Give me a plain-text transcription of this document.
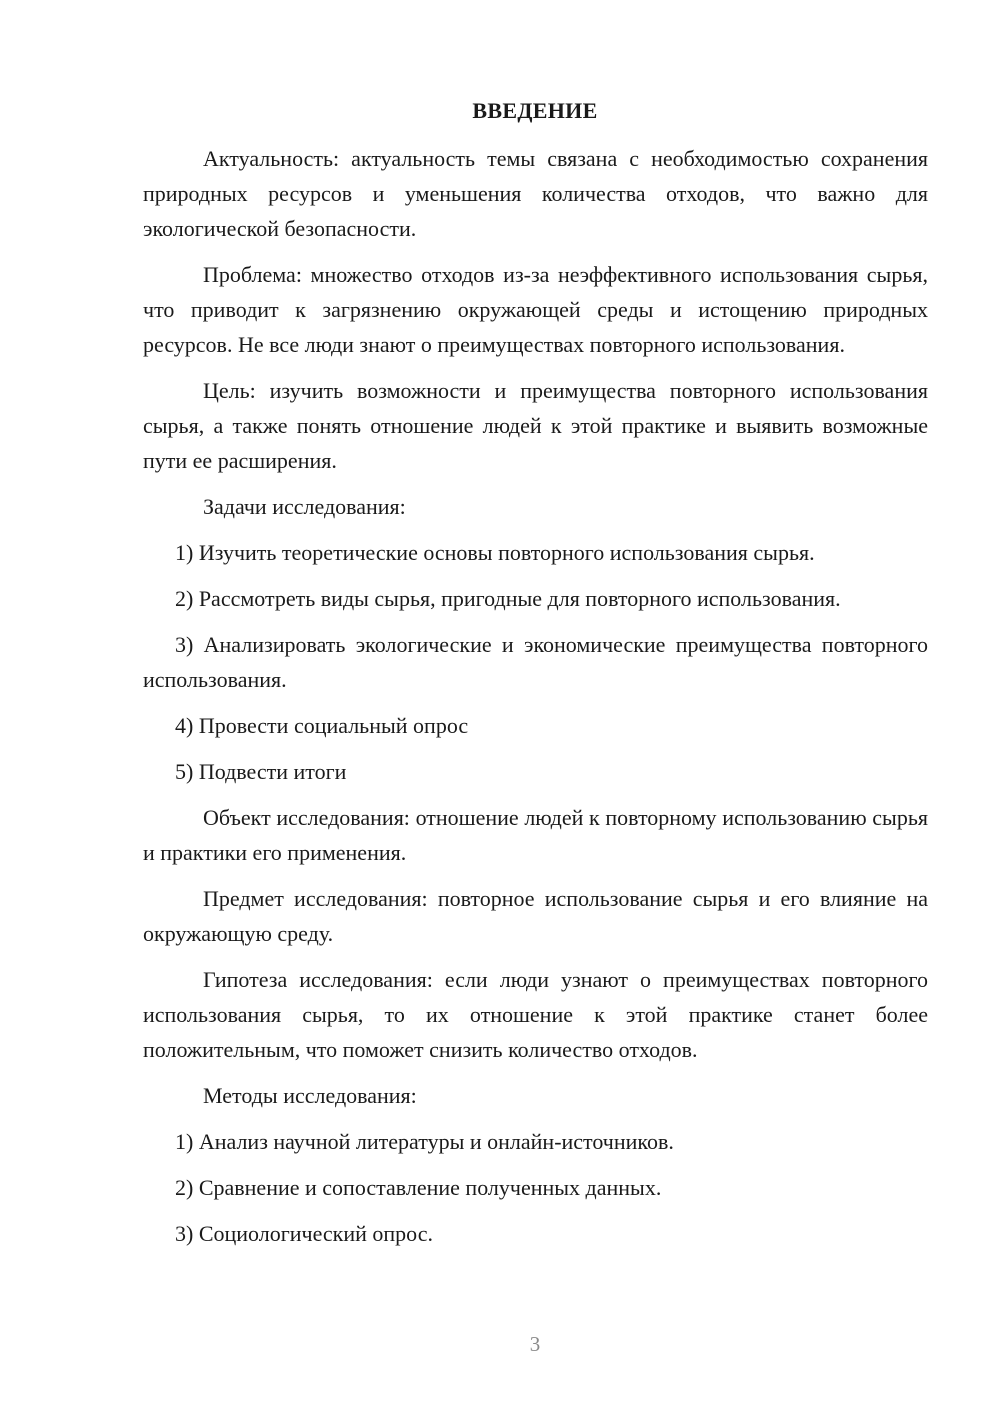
ВВЕДЕНИЕ

Актуальность: актуальность темы связана с необходимостью сохранения природных ресурсов и уменьшения количества отходов, что важно для экологической безопасности.

Проблема: множество отходов из-за неэффективного использования сырья, что приводит к загрязнению окружающей среды и истощению природных ресурсов. Не все люди знают о преимуществах повторного использования.

Цель: изучить возможности и преимущества повторного использования сырья, а также понять отношение людей к этой практике и выявить возможные пути ее расширения.

Задачи исследования:

1) Изучить теоретические основы повторного использования сырья.

2) Рассмотреть виды сырья, пригодные для повторного использования.

3) Анализировать экологические и экономические преимущества повторного использования.

4) Провести социальный опрос

5) Подвести итоги

Объект исследования: отношение людей к повторному использованию сырья и практики его применения.

Предмет исследования: повторное использование сырья и его влияние на окружающую среду.

Гипотеза исследования: если люди узнают о преимуществах повторного использования сырья, то их отношение к этой практике станет более положительным, что поможет снизить количество отходов.

Методы исследования:

1) Анализ научной литературы и онлайн-источников.

2) Сравнение и сопоставление полученных данных.

3) Социологический опрос.

3
